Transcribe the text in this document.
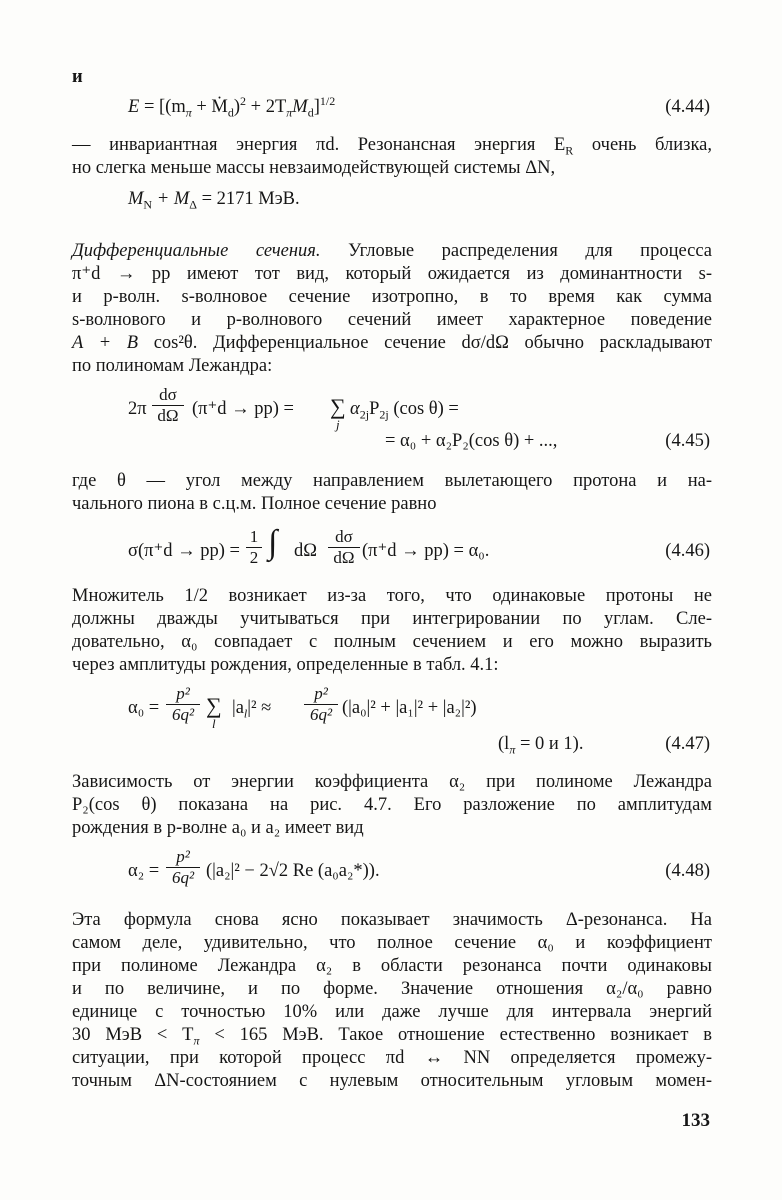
и
$E = [(m_\pi$ + Ṁ$_d$)$^2$ + $2T_\pi M_d]^{1/2}$	(4.44)
— инвариантная энергия πd. Резонансная энергия $E_R$ очень близка,
но слегка меньше массы невзаимодействующей системы ΔN,
$M_N + M_\Delta = 2171$ МэВ.
Дифференциальные сечения. Угловые распределения для процесса
π⁺d → pp имеют тот вид, который ожидается из доминантности s-
и p-волн. s-волновое сечение изотропно, в то время как сумма
s-волнового и p-волнового сечений имеет характерное поведение
A + B cos²θ. Дифференциальное сечение dσ/dΩ обычно раскладывают
по полиномам Лежандра:
$2\pi \frac{d\sigma}{d\Omega} (\pi^+d \to pp)$ = ∑
j
$\alpha_{2j}P_{2j}$ (cos θ) =
= α₀ + α₂P₂(cos θ) + ...,	(4.45)
где θ — угол между направлением вылетающего протона и на-
чального пиона в с.ц.м. Полное сечение равно
$\sigma(\pi^+d \to pp) = \frac{1}{2}$ ∫ dΩ $\frac{d\sigma}{d\Omega} (\pi^+d \to pp) = \alpha_0$.	(4.46)
Множитель 1/2 возникает из-за того, что одинаковые протоны не
должны дважды учитываться при интегрировании по углам. Сле-
довательно, α₀ совпадает с полным сечением и его можно выразить
через амплитуды рождения, определенные в табл. 4.1:
$\alpha_0 = \frac{\text{p²}}{\text{6q²}}$ ∑
l
$|a_l|^2 \approx \frac{\text{p²}}{\text{6q²}} (|a_0|^2 + |a_1|^2 + |a_2|^2)$
($l_\pi = 0$ и 1).	(4.47)
Зависимость от энергии коэффициента α₂ при полиноме Лежандра
P₂(cos θ) показана на рис. 4.7. Его разложение по амплитудам
рождения в p-волне a₀ и a₂ имеет вид
$\alpha_2 = \frac{\text{p²}}{\text{6q²}} (|a_2|^2 - 2√2$ Re (a₀a₂*)).	(4.48)
Эта формула снова ясно показывает значимость Δ-резонанса. На
самом деле, удивительно, что полное сечение α₀ и коэффициент
при полиноме Лежандра α₂ в области резонанса почти одинаковы
и по величине, и по форме. Значение отношения α₂/α₀ равно
единице с точностью 10% или даже лучше для интервала энергий
30 МэВ < $T_\pi < 165$ МэВ. Такое отношение естественно возникает в
ситуации, при которой процесс πd ↔ NN определяется промежу-
точным ΔN-состоянием с нулевым относительным угловым момен-
133
